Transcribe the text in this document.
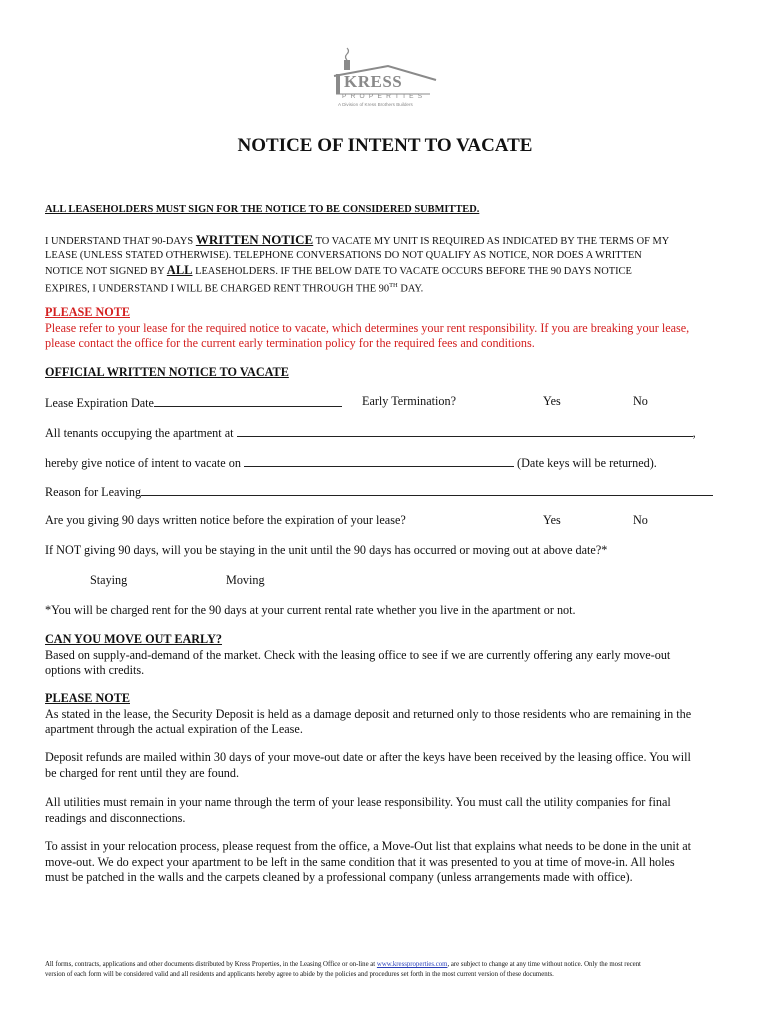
KRESS
PROPERTIES
A Division of Kress Brothers Builders
NOTICE OF INTENT TO VACATE
ALL LEASEHOLDERS MUST SIGN FOR THE NOTICE TO BE CONSIDERED SUBMITTED.
I UNDERSTAND THAT 90-DAYS WRITTEN NOTICE TO VACATE MY UNIT IS REQUIRED AS INDICATED BY THE TERMS OF MY
LEASE (UNLESS STATED OTHERWISE). TELEPHONE CONVERSATIONS DO NOT QUALIFY AS NOTICE, NOR DOES A WRITTEN
NOTICE NOT SIGNED BY ALL LEASEHOLDERS. IF THE BELOW DATE TO VACATE OCCURS BEFORE THE 90 DAYS NOTICE
EXPIRES, I UNDERSTAND I WILL BE CHARGED RENT THROUGH THE 90TH DAY.
PLEASE NOTE
Please refer to your lease for the required notice to vacate, which determines your rent responsibility. If you are breaking your lease,
please contact the office for the current early termination policy for the required fees and conditions.
OFFICIAL WRITTEN NOTICE TO VACATE
Lease Expiration Date	Early Termination?	Yes	No
All tenants occupying the apartment at	,
hereby give notice of intent to vacate on	(Date keys will be returned).
Reason for Leaving
Are you giving 90 days written notice before the expiration of your lease?	Yes	No
If NOT giving 90 days, will you be staying in the unit until the 90 days has occurred or moving out at above date?*
Staying	Moving
*You will be charged rent for the 90 days at your current rental rate whether you live in the apartment or not.
CAN YOU MOVE OUT EARLY?
Based on supply-and-demand of the market. Check with the leasing office to see if we are currently offering any early move-out
options with credits.
PLEASE NOTE
As stated in the lease, the Security Deposit is held as a damage deposit and returned only to those residents who are remaining in the
apartment through the actual expiration of the Lease.
Deposit refunds are mailed within 30 days of your move-out date or after the keys have been received by the leasing office. You will
be charged for rent until they are found.
All utilities must remain in your name through the term of your lease responsibility. You must call the utility companies for final
readings and disconnections.
To assist in your relocation process, please request from the office, a Move-Out list that explains what needs to be done in the unit at
move-out. We do expect your apartment to be left in the same condition that it was presented to you at time of move-in. All holes
must be patched in the walls and the carpets cleaned by a professional company (unless arrangements made with office).
All forms, contracts, applications and other documents distributed by Kress Properties, in the Leasing Office or on-line at www.kressproperties.com, are subject to change at any time without notice. Only the most recent
version of each form will be considered valid and all residents and applicants hereby agree to abide by the policies and procedures set forth in the most current version of these documents.
